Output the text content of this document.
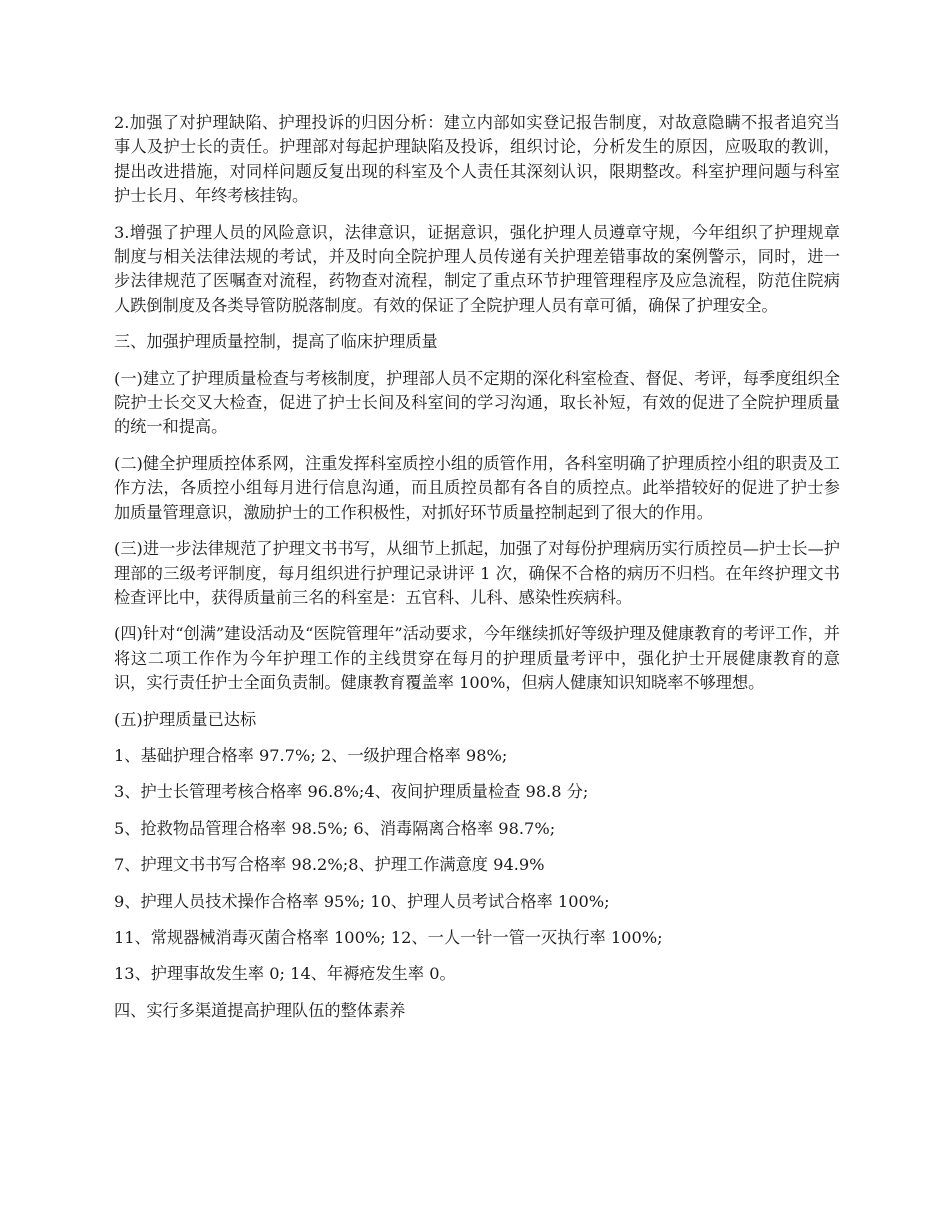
2.加强了对护理缺陷、护理投诉的归因分析：建立内部如实登记报告制度，对故意隐瞒不报者追究当事人及护士长的责任。护理部对每起护理缺陷及投诉，组织讨论，分析发生的原因，应吸取的教训，提出改进措施，对同样问题反复出现的科室及个人责任其深刻认识，限期整改。科室护理问题与科室护士长月、年终考核挂钩。

3.增强了护理人员的风险意识，法律意识，证据意识，强化护理人员遵章守规，今年组织了护理规章制度与相关法律法规的考试，并及时向全院护理人员传递有关护理差错事故的案例警示，同时，进一步法律规范了医嘱查对流程，药物查对流程，制定了重点环节护理管理程序及应急流程，防范住院病人跌倒制度及各类导管防脱落制度。有效的保证了全院护理人员有章可循，确保了护理安全。

三、加强护理质量控制，提高了临床护理质量

(一)建立了护理质量检查与考核制度，护理部人员不定期的深化科室检查、督促、考评，每季度组织全院护士长交叉大检查，促进了护士长间及科室间的学习沟通，取长补短，有效的促进了全院护理质量的统一和提高。

(二)健全护理质控体系网，注重发挥科室质控小组的质管作用，各科室明确了护理质控小组的职责及工作方法，各质控小组每月进行信息沟通，而且质控员都有各自的质控点。此举措较好的促进了护士参加质量管理意识，激励护士的工作积极性，对抓好环节质量控制起到了很大的作用。

(三)进一步法律规范了护理文书书写，从细节上抓起，加强了对每份护理病历实行质控员—护士长—护理部的三级考评制度，每月组织进行护理记录讲评 1 次，确保不合格的病历不归档。在年终护理文书检查评比中，获得质量前三名的科室是：五官科、儿科、感染性疾病科。

(四)针对“创满”建设活动及“医院管理年”活动要求，今年继续抓好等级护理及健康教育的考评工作，并将这二项工作作为今年护理工作的主线贯穿在每月的护理质量考评中，强化护士开展健康教育的意识，实行责任护士全面负责制。健康教育覆盖率 100%，但病人健康知识知晓率不够理想。

(五)护理质量已达标

1、基础护理合格率 97.7%; 2、一级护理合格率 98%;

3、护士长管理考核合格率 96.8%;4、夜间护理质量检查 98.8 分;

5、抢救物品管理合格率 98.5%; 6、消毒隔离合格率 98.7%;

7、护理文书书写合格率 98.2%;8、护理工作满意度 94.9%

9、护理人员技术操作合格率 95%; 10、护理人员考试合格率 100%;

11、常规器械消毒灭菌合格率 100%; 12、一人一针一管一灭执行率 100%;

13、护理事故发生率 0; 14、年褥疮发生率 0。

四、实行多渠道提高护理队伍的整体素养
